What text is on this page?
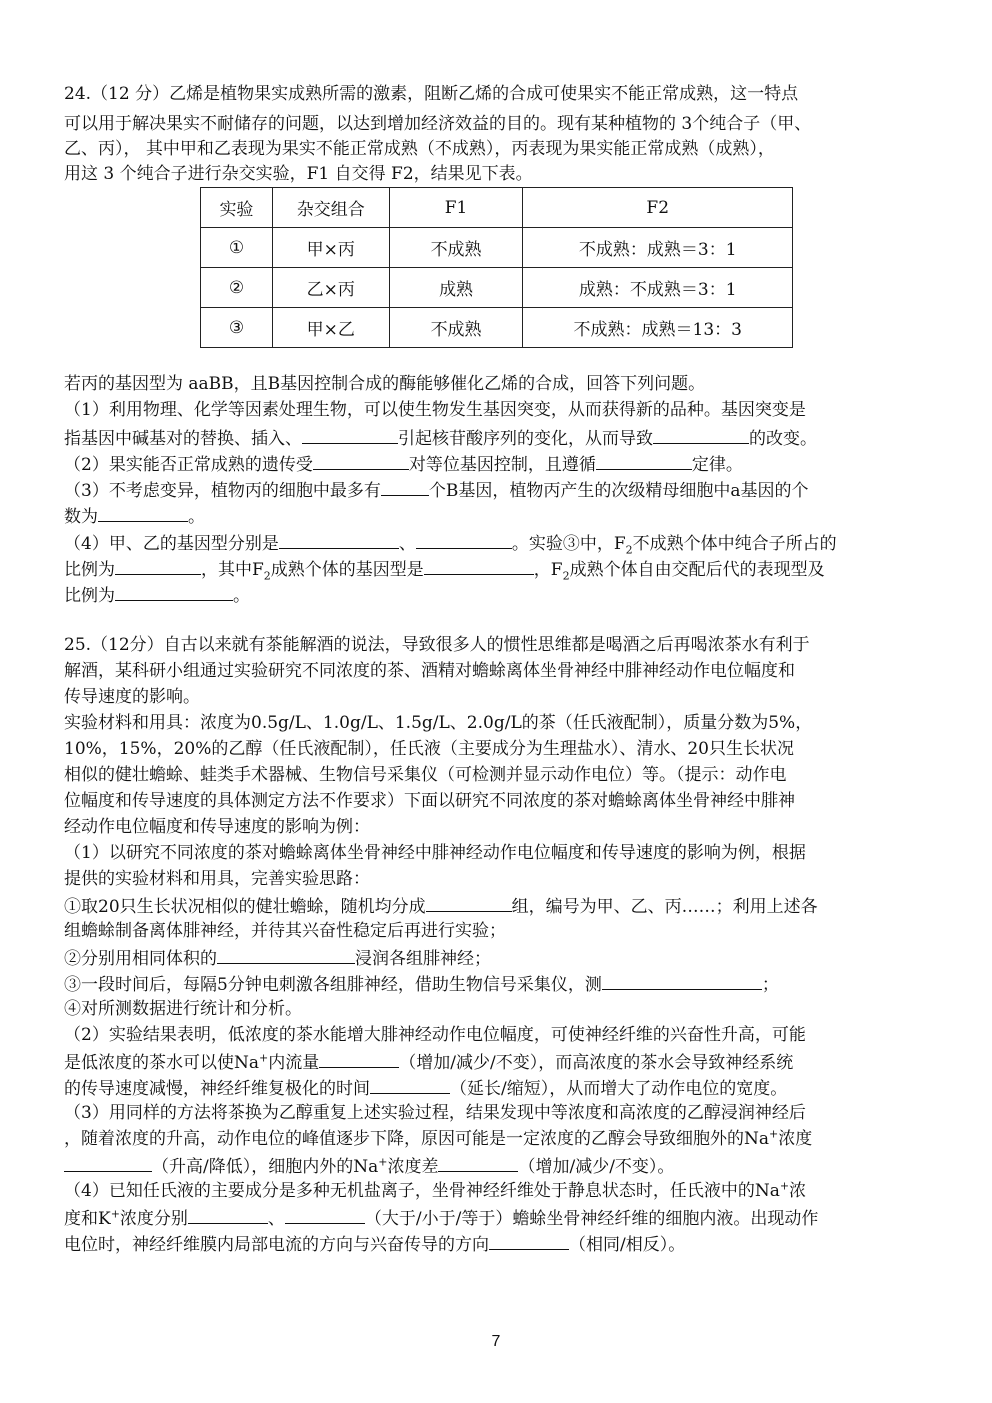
24.（12 分）乙烯是植物果实成熟所需的激素，阻断乙烯的合成可使果实不能正常成熟，这一特点
可以用于解决果实不耐储存的问题，以达到增加经济效益的目的。现有某种植物的 3个纯合子（甲、
乙、丙）， 其中甲和乙表现为果实不能正常成熟（不成熟），丙表现为果实能正常成熟（成熟），
用这 3 个纯合子进行杂交实验，F1 自交得 F2，结果见下表。
实验	杂交组合	F1	F2
①	甲×丙	不成熟	不成熟：成熟＝3：1
②	乙×丙	成熟	成熟：不成熟＝3：1
③	甲×乙	不成熟	不成熟：成熟＝13：3
若丙的基因型为 aaBB，且B基因控制合成的酶能够催化乙烯的合成，回答下列问题。
（1）利用物理、化学等因素处理生物，可以使生物发生基因突变，从而获得新的品种。基因突变是
指基因中碱基对的替换、插入、	引起核苷酸序列的变化，从而导致	的改变。
（2）果实能否正常成熟的遗传受	对等位基因控制，且遵循	定律。
（3）不考虑变异，植物丙的细胞中最多有	个B基因，植物丙产生的次级精母细胞中a基因的个
数为	。
（4）甲、乙的基因型分别是	、	。实验③中，$F_2$不成熟个体中纯合子所占的
比例为	，其中$F_2$成熟个体的基因型是	，$F_2$成熟个体自由交配后代的表现型及
比例为	。
25.（12分）自古以来就有茶能解酒的说法，导致很多人的惯性思维都是喝酒之后再喝浓茶水有利于
解酒，某科研小组通过实验研究不同浓度的茶、酒精对蟾蜍离体坐骨神经中腓神经动作电位幅度和
传导速度的影响。
实验材料和用具：浓度为0.5g/L、1.0g/L、1.5g/L、2.0g/L的茶（任氏液配制），质量分数为5%，
10%，15%，20%的乙醇（任氏液配制），任氏液（主要成分为生理盐水）、清水、20只生长状况
相似的健壮蟾蜍、蛙类手术器械、生物信号采集仪（可检测并显示动作电位）等。（提示：动作电
位幅度和传导速度的具体测定方法不作要求）下面以研究不同浓度的茶对蟾蜍离体坐骨神经中腓神
经动作电位幅度和传导速度的影响为例：
（1）以研究不同浓度的茶对蟾蜍离体坐骨神经中腓神经动作电位幅度和传导速度的影响为例，根据
提供的实验材料和用具，完善实验思路：
①取20只生长状况相似的健壮蟾蜍，随机均分成	组，编号为甲、乙、丙……；利用上述各
组蟾蜍制备离体腓神经，并待其兴奋性稳定后再进行实验；
②分别用相同体积的	浸润各组腓神经；
③一段时间后，每隔5分钟电刺激各组腓神经，借助生物信号采集仪，测	；
④对所测数据进行统计和分析。
（2）实验结果表明，低浓度的茶水能增大腓神经动作电位幅度，可使神经纤维的兴奋性升高，可能
是低浓度的茶水可以使Na+内流量	（增加/减少/不变），而高浓度的茶水会导致神经系统
的传导速度减慢，神经纤维复极化的时间	（延长/缩短），从而增大了动作电位的宽度。
（3）用同样的方法将茶换为乙醇重复上述实验过程，结果发现中等浓度和高浓度的乙醇浸润神经后
，随着浓度的升高，动作电位的峰值逐步下降，原因可能是一定浓度的乙醇会导致细胞外的Na+浓度
（升高/降低），细胞内外的Na+浓度差	（增加/减少/不变）。
（4）已知任氏液的主要成分是多种无机盐离子，坐骨神经纤维处于静息状态时，任氏液中的Na+浓
度和K+浓度分别	、	（大于/小于/等于）蟾蜍坐骨神经纤维的细胞内液。出现动作
电位时，神经纤维膜内局部电流的方向与兴奋传导的方向	（相同/相反）。
7
